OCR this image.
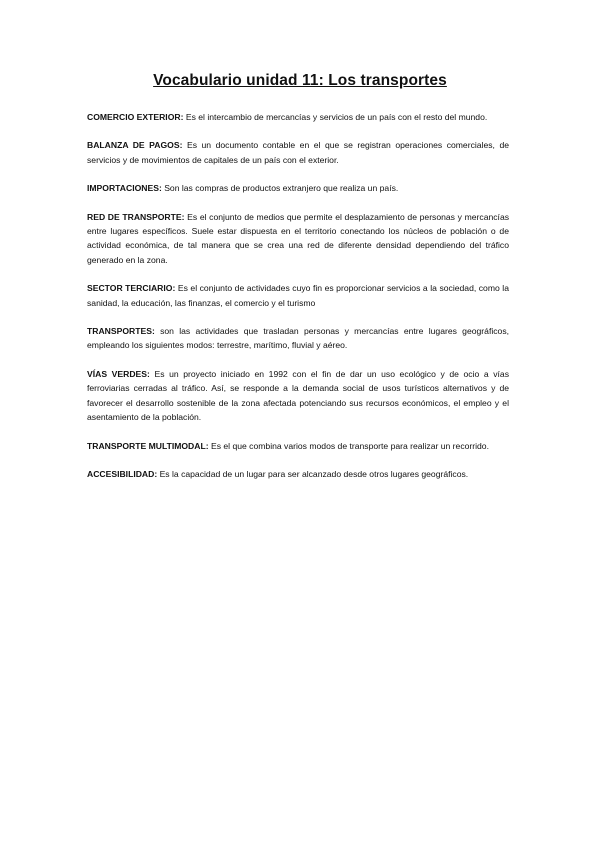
Vocabulario unidad 11: Los transportes

COMERCIO EXTERIOR: Es el intercambio de mercancías y servicios de un país con el resto del mundo.

BALANZA DE PAGOS: Es un documento contable en el que se registran operaciones comerciales, de servicios y de movimientos de capitales de un país con el exterior.

IMPORTACIONES: Son las compras de productos extranjero que realiza un país.

RED DE TRANSPORTE: Es el conjunto de medios que permite el desplazamiento de personas y mercancías entre lugares específicos. Suele estar dispuesta en el territorio conectando los núcleos de población o de actividad económica, de tal manera que se crea una red de diferente densidad dependiendo del tráfico generado en la zona.

SECTOR TERCIARIO: Es el conjunto de actividades cuyo fin es proporcionar servicios a la sociedad, como la sanidad, la educación, las finanzas, el comercio y el turismo

TRANSPORTES: son las actividades que trasladan personas y mercancías entre lugares geográficos, empleando los siguientes modos: terrestre, marítimo, fluvial y aéreo.

VÍAS VERDES: Es un proyecto iniciado en 1992 con el fin de dar un uso ecológico y de ocio a vías ferroviarias cerradas al tráfico. Así, se responde a la demanda social de usos turísticos alternativos y de favorecer el desarrollo sostenible de la zona afectada potenciando sus recursos económicos, el empleo y el asentamiento de la población.

TRANSPORTE MULTIMODAL: Es el que combina varios modos de transporte para realizar un recorrido.

ACCESIBILIDAD: Es la capacidad de un lugar para ser alcanzado desde otros lugares geográficos.
